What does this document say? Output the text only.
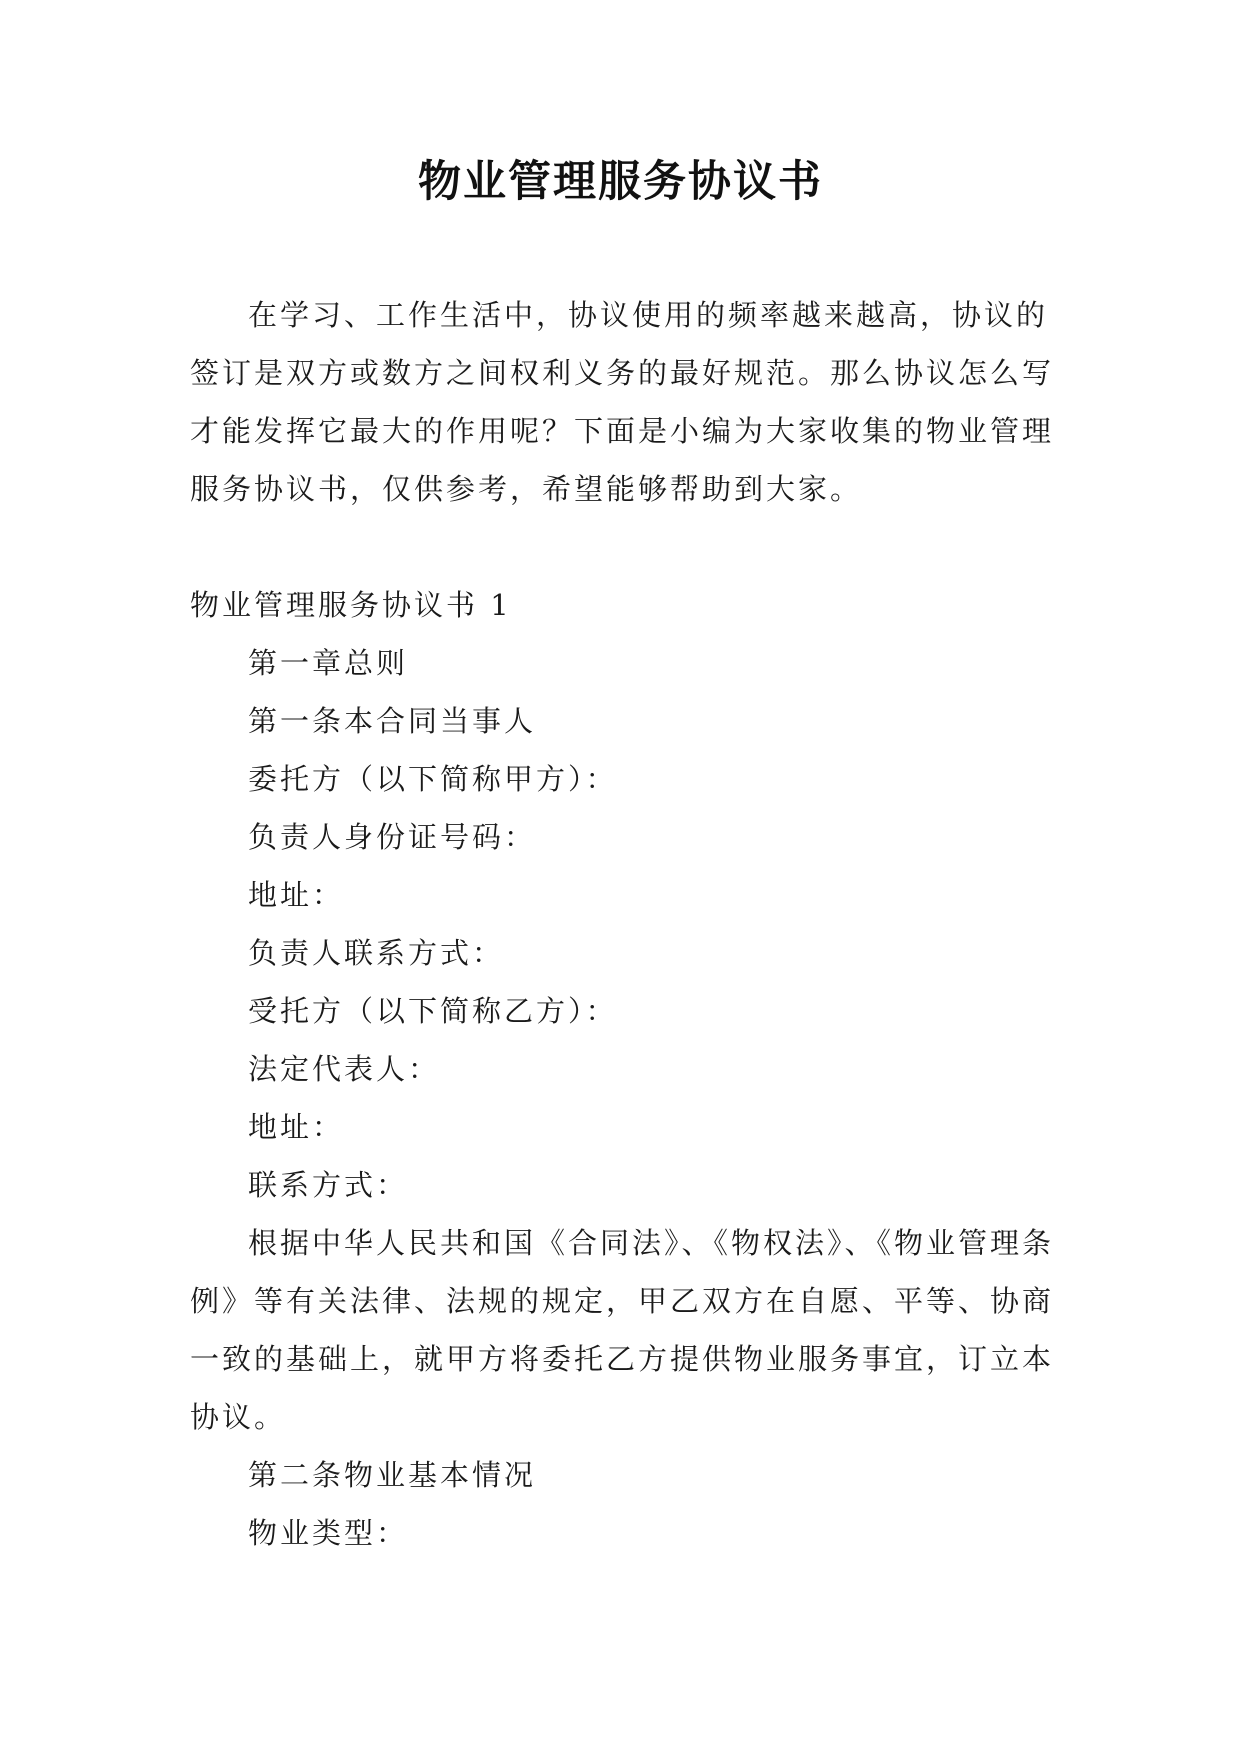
物业管理服务协议书

在学习、工作生活中，协议使用的频率越来越高，协议的签订是双方或数方之间权利义务的最好规范。那么协议怎么写才能发挥它最大的作用呢？下面是小编为大家收集的物业管理服务协议书，仅供参考，希望能够帮助到大家。

物业管理服务协议书 1

第一章总则

第一条本合同当事人

委托方（以下简称甲方）：

负责人身份证号码：

地址：

负责人联系方式：

受托方（以下简称乙方）：

法定代表人：

地址：

联系方式：

根据中华人民共和国《合同法》、《物权法》、《物业管理条例》等有关法律、法规的规定，甲乙双方在自愿、平等、协商一致的基础上，就甲方将委托乙方提供物业服务事宜，订立本协议。

第二条物业基本情况

物业类型：
